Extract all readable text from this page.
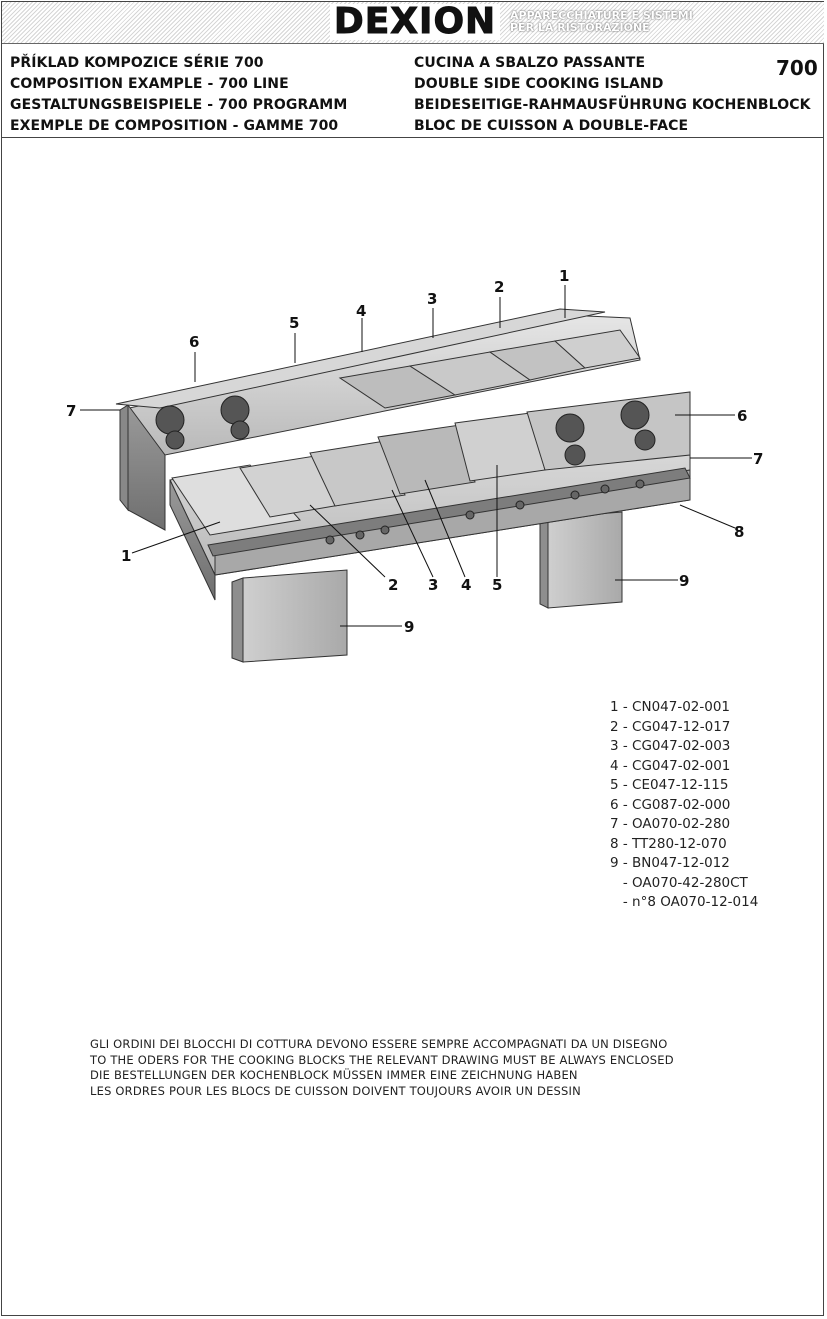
DEXION	APPARECCHIATURE E SISTEMI
PER LA RISTORAZIONE
PŘÍKLAD KOMPOZICE SÉRIE 700
COMPOSITION EXAMPLE - 700 LINE
GESTALTUNGSBEISPIELE - 700 PROGRAMM
EXEMPLE DE COMPOSITION - GAMME 700
CUCINA A SBALZO PASSANTE
DOUBLE SIDE COOKING ISLAND
BEIDESEITIGE-RAHMAUSFÜHRUNG KOCHENBLOCK
BLOC DE CUISSON A DOUBLE-FACE
700
6
5
4
3
2
1
7
1
6
7
8
9
2 3 4 5
9
1 - CN047-02-001
2 - CG047-12-017
3 - CG047-02-003
4 - CG047-02-001
5 - CE047-12-115
6 - CG087-02-000
7 - OA070-02-280
8 - TT280-12-070
9 - BN047-12-012
- OA070-42-280CT
- n°8 OA070-12-014
GLI ORDINI DEI BLOCCHI DI COTTURA DEVONO ESSERE SEMPRE ACCOMPAGNATI DA UN DISEGNO
TO THE ODERS FOR THE COOKING BLOCKS THE RELEVANT DRAWING MUST BE ALWAYS ENCLOSED
DIE BESTELLUNGEN DER KOCHENBLOCK MÜSSEN IMMER EINE ZEICHNUNG HABEN
LES ORDRES POUR LES BLOCS DE CUISSON DOIVENT TOUJOURS AVOIR UN DESSIN
